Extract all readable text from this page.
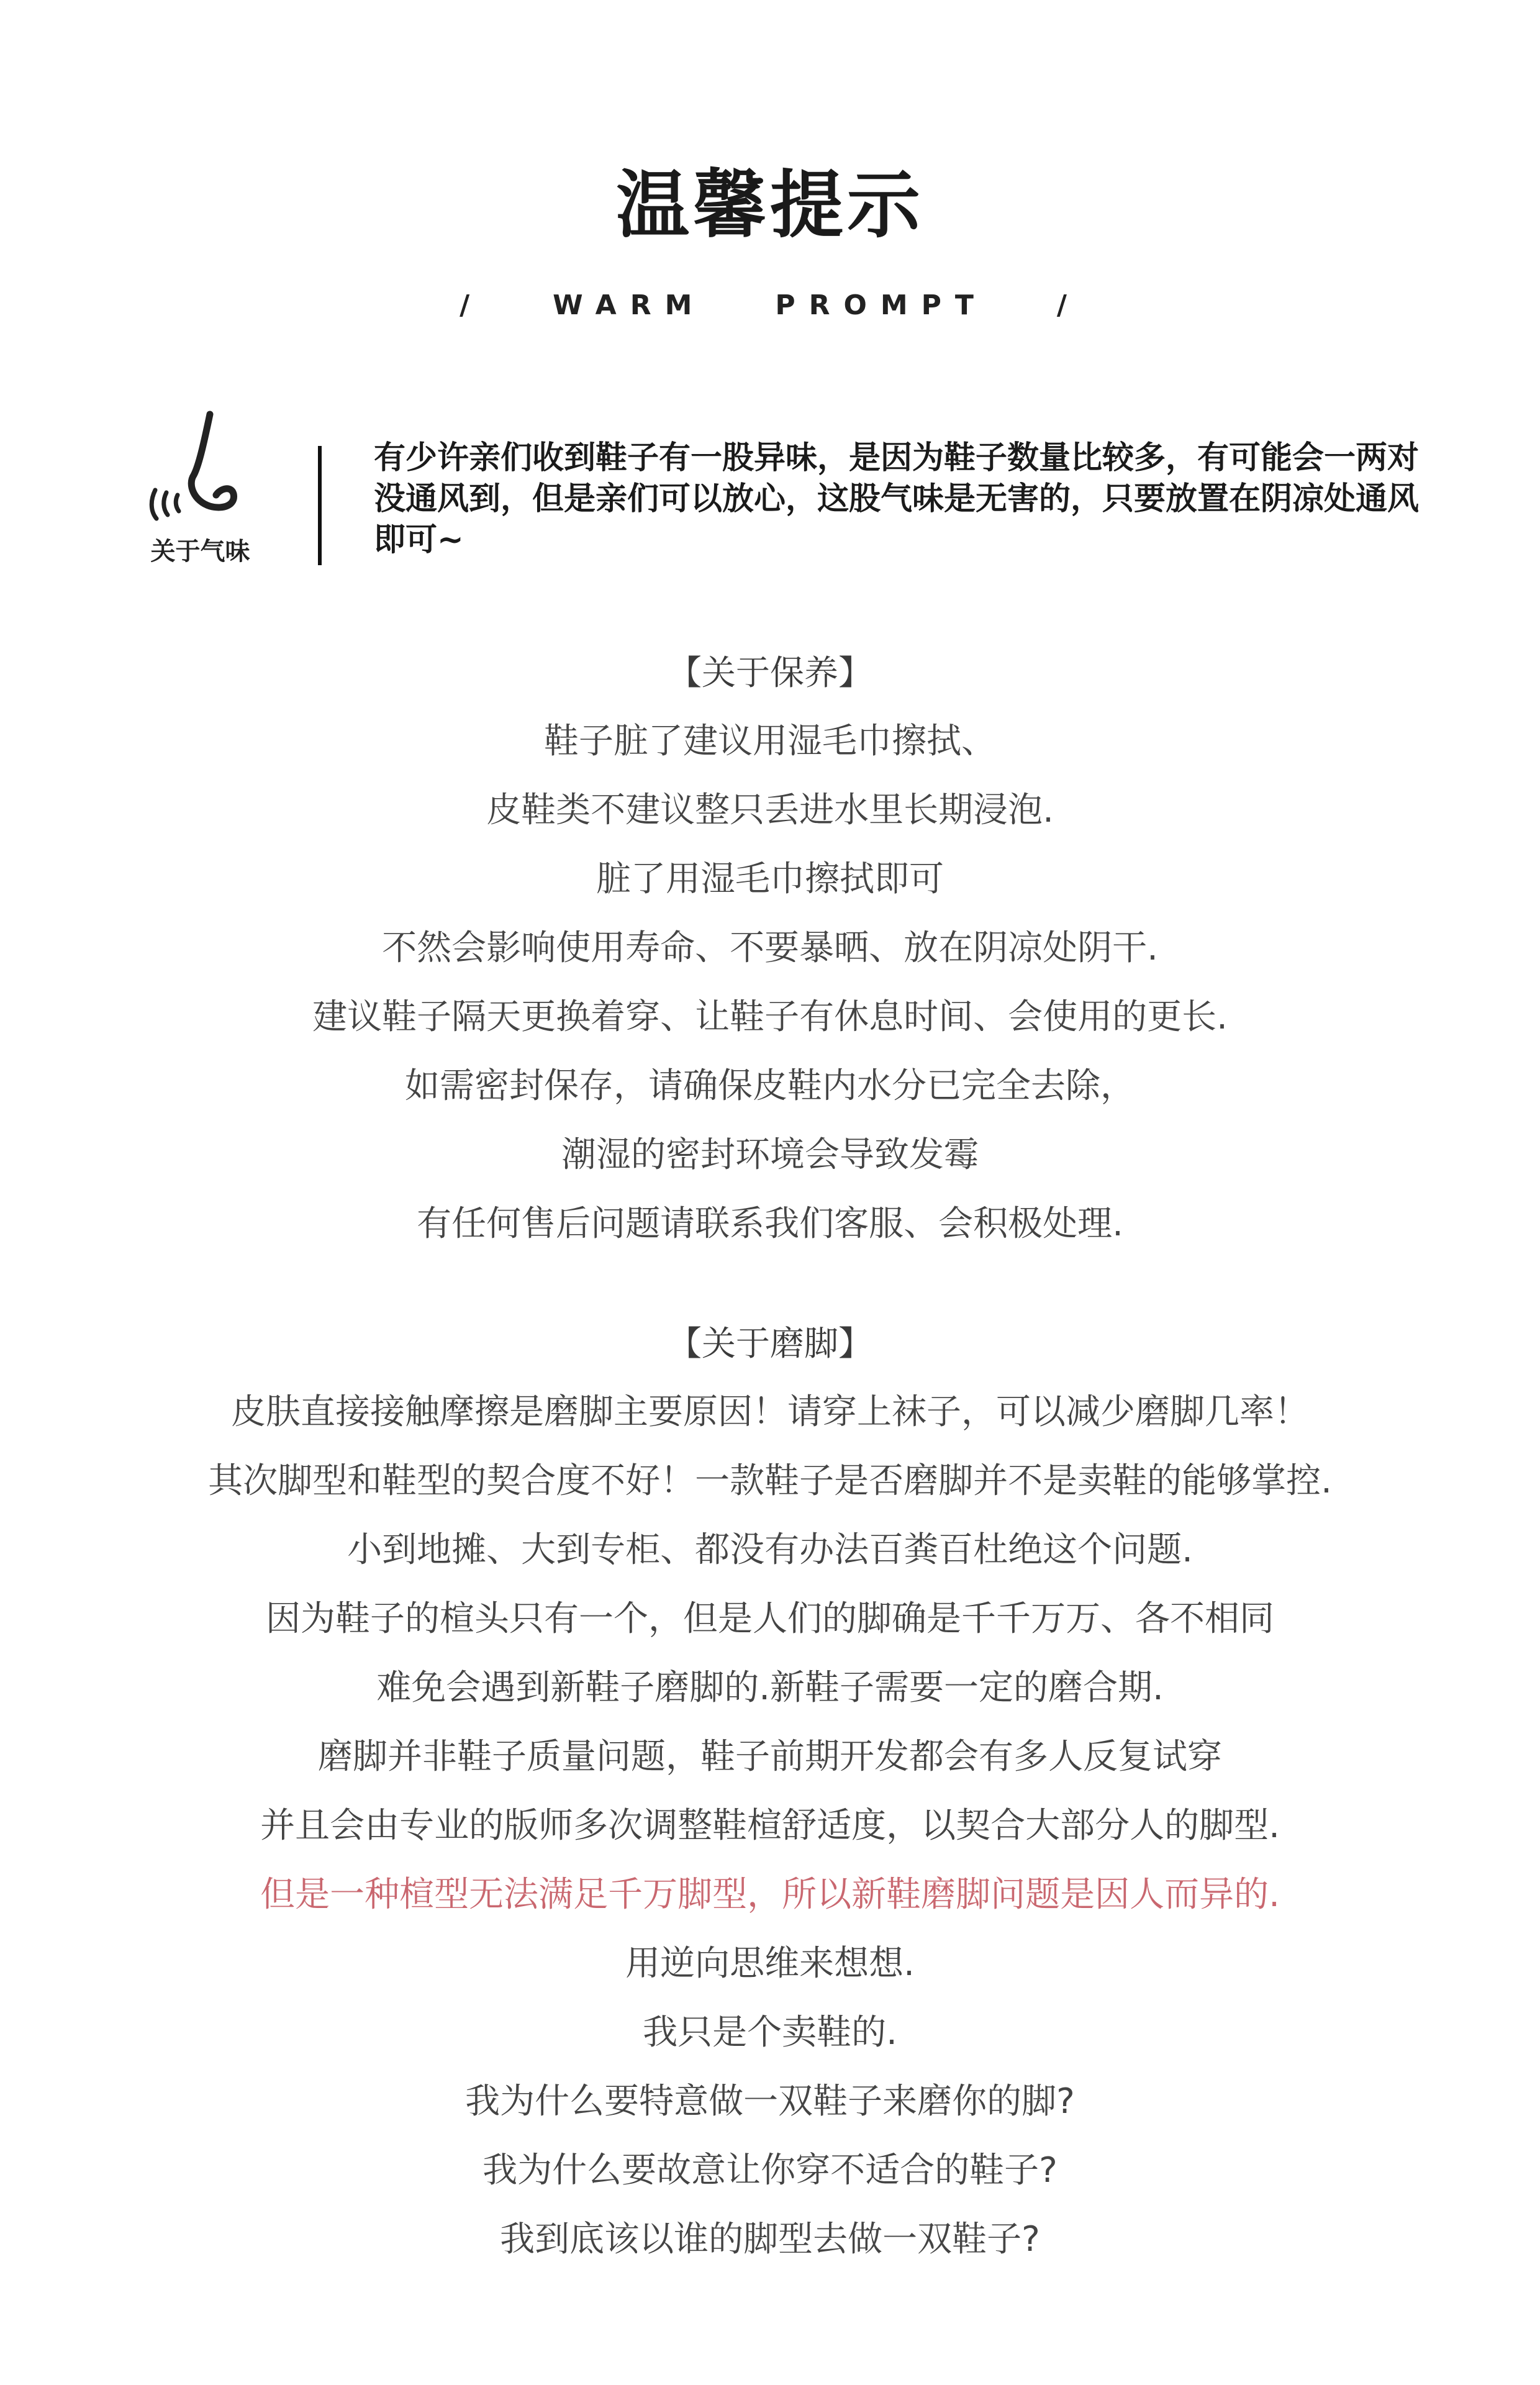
温馨提示
/   WARM   PROMPT   /
关于气味
有少许亲们收到鞋子有一股异味，是因为鞋子数量比较多，有可能会一两对没通风到，但是亲们可以放心，这股气味是无害的，只要放置在阴凉处通风即可~
【关于保养】
鞋子脏了建议用湿毛巾擦拭、
皮鞋类不建议整只丢进水里长期浸泡.
脏了用湿毛巾擦拭即可
不然会影响使用寿命、不要暴晒、放在阴凉处阴干.
建议鞋子隔天更换着穿、让鞋子有休息时间、会使用的更长.
如需密封保存，请确保皮鞋内水分已完全去除，
潮湿的密封环境会导致发霉
有任何售后问题请联系我们客服、会积极处理.
【关于磨脚】
皮肤直接接触摩擦是磨脚主要原因！请穿上袜子，可以减少磨脚几率！
其次脚型和鞋型的契合度不好！一款鞋子是否磨脚并不是卖鞋的能够掌控.
小到地摊、大到专柜、都没有办法百粪百杜绝这个问题.
因为鞋子的楦头只有一个，但是人们的脚确是千千万万、各不相同
难免会遇到新鞋子磨脚的.新鞋子需要一定的磨合期.
磨脚并非鞋子质量问题，鞋子前期开发都会有多人反复试穿
并且会由专业的版师多次调整鞋楦舒适度，以契合大部分人的脚型.
但是一种楦型无法满足千万脚型，所以新鞋磨脚问题是因人而异的.
用逆向思维来想想.
我只是个卖鞋的.
我为什么要特意做一双鞋子来磨你的脚?
我为什么要故意让你穿不适合的鞋子?
我到底该以谁的脚型去做一双鞋子?
